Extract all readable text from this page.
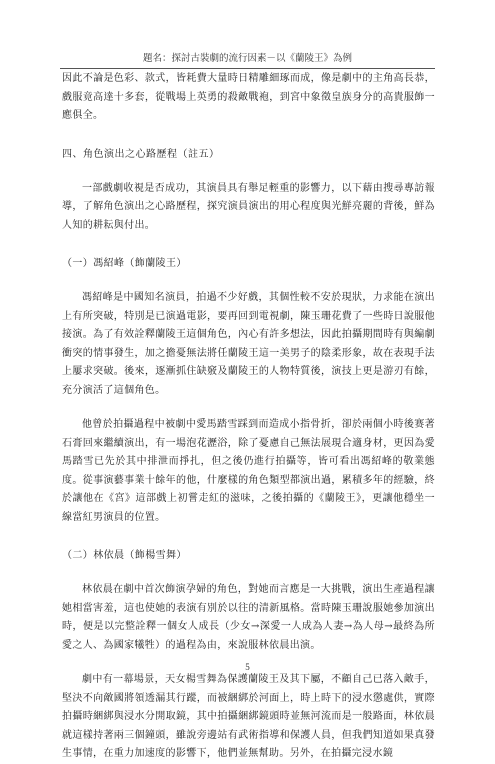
題名：探討古裝劇的流行因素－以《蘭陵王》為例

因此不論是色彩、款式，皆耗費大量時日精雕細琢而成，像是劇中的主角高長恭，戲服竟高達十多套，從戰場上英勇的殺敵戰袍，到宮中象徵皇族身分的高貴服飾一應俱全。

四、角色演出之心路歷程（註五）

一部戲劇收視是否成功，其演員具有舉足輕重的影響力，以下藉由搜尋專訪報導，了解角色演出之心路歷程，探究演員演出的用心程度與光鮮亮麗的背後，鮮為人知的耕耘與付出。

（一）馮紹峰（飾蘭陵王）

馮紹峰是中國知名演員，拍過不少好戲，其個性較不安於現狀，力求能在演出上有所突破，特別是已演過電影，要再回到電視劇，陳玉珊花費了一些時日說服他接演。為了有效詮釋蘭陵王這個角色，內心有許多想法，因此拍攝期間時有與編劇衝突的情事發生，加之擔憂無法將任蘭陵王這一美男子的陰柔形象，故在表現手法上屢求突破。後來，逐漸抓住缺竅及蘭陵王的人物特質後，演技上更是游刃有餘，充分演活了這個角色。

他曾於拍攝過程中被劇中愛馬踏雪踩到而造成小指骨折，卻於兩個小時後赛著石膏回來繼續演出，有一場泡花瀝浴，除了憂慮自己無法展現合適身材，更因為愛馬踏雪已先於其中排泄而掙扎，但之後仍進行拍攝等，皆可看出馮紹峰的敬業態度。從事演藝事業十餘年的他，什麼樣的角色類型都演出過，累積多年的經驗，終於讓他在《宮》這部戲上初嘗走紅的滋味，之後拍攝的《蘭陵王》，更讓他穩坐一線當紅男演員的位置。

（二）林依晨（飾楊雪舞）

林依晨在劇中首次飾演孕婦的角色，對她而言應是一大挑戰，演出生產過程讓她相當害羞，這也使她的表演有別於以往的清新風格。當時陳玉珊說服她參加演出時，便是以完整詮釋一個女人成長（少女→深愛一人成為人妻→為人母→最終為所愛之人、為國家犧牲）的過程為由，來說服林依晨出演。

劇中有一幕場景，天女楊雪舞為保護蘭陵王及其下屬，不顧自己已落入敵手，堅決不向敵國將領透漏其行蹤，而被綑綁於河面上，時上時下的浸水懲處供，實際拍攝時綑綁與浸水分開取鏡，其中拍攝綑綁鏡頭時並無河流而是一般路面，林依晨就這樣持著兩三個鐘頭，雖說旁邊站有武術指導和保護人員，但我們知道如果真發生事情，在重力加速度的影響下，他們並無幫助。另外，在拍攝完浸水鏡

5
